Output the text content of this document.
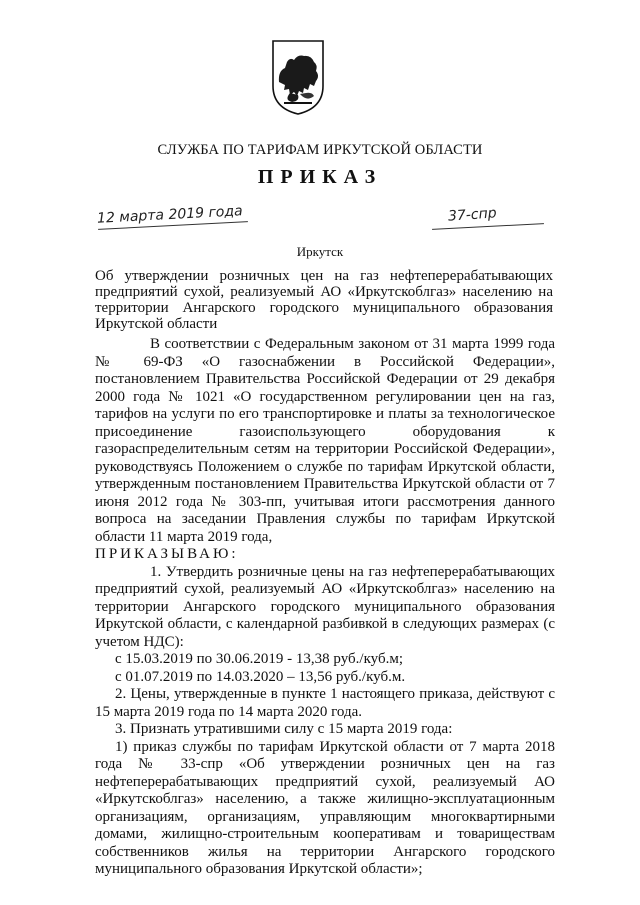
СЛУЖБА ПО ТАРИФАМ ИРКУТСКОЙ ОБЛАСТИ
ПРИКАЗ
12 марта 2019 года	37-спр
Иркутск
Об утверждении розничных цен на газ нефтеперерабатывающих предприятий сухой, реализуемый АО «Иркутскоблгаз» населению на территории Ангарского городского муниципального образования Иркутской области

В соответствии с Федеральным законом от 31 марта 1999 года № 69-ФЗ «О газоснабжении в Российской Федерации», постановлением Правительства Российской Федерации от 29 декабря 2000 года № 1021 «О государственном регулировании цен на газ, тарифов на услуги по его транспортировке и платы за технологическое присоединение газоиспользующего оборудования к газораспределительным сетям на территории Российской Федерации», руководствуясь Положением о службе по тарифам Иркутской области, утвержденным постановлением Правительства Иркутской области от 7 июня 2012 года № 303-пп, учитывая итоги рассмотрения данного вопроса на заседании Правления службы по тарифам Иркутской области 11 марта 2019 года,

ПРИКАЗЫВАЮ:

1. Утвердить розничные цены на газ нефтеперерабатывающих предприятий сухой, реализуемый АО «Иркутскоблгаз» населению на территории Ангарского городского муниципального образования Иркутской области, с календарной разбивкой в следующих размерах (с учетом НДС):

с 15.03.2019 по 30.06.2019 - 13,38 руб./куб.м;

с 01.07.2019 по 14.03.2020 – 13,56 руб./куб.м.

2. Цены, утвержденные в пункте 1 настоящего приказа, действуют с 15 марта 2019 года по 14 марта 2020 года.

3. Признать утратившими силу с 15 марта 2019 года:

1) приказ службы по тарифам Иркутской области от 7 марта 2018 года № 33-спр «Об утверждении розничных цен на газ нефтеперерабатывающих предприятий сухой, реализуемый АО «Иркутскоблгаз» населению, а также жилищно-эксплуатационным организациям, организациям, управляющим многоквартирными домами, жилищно-строительным кооперативам и товариществам собственников жилья на территории Ангарского городского муниципального образования Иркутской области»;
